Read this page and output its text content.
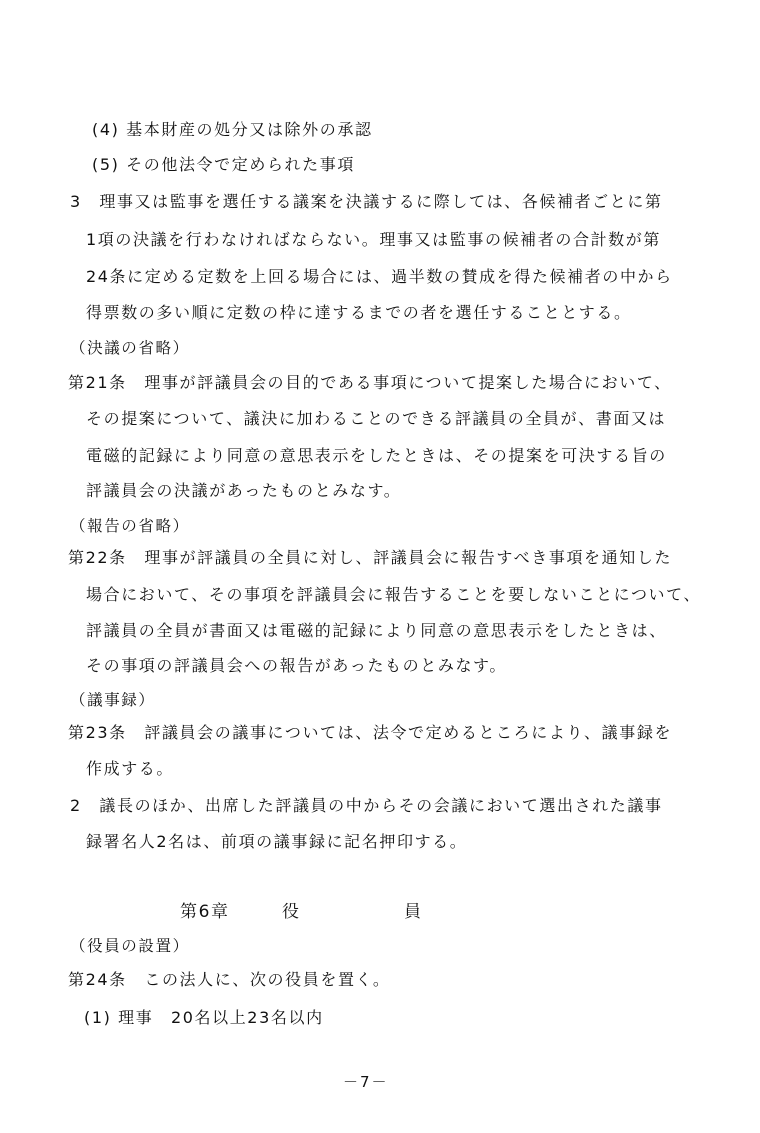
(4) 基本財産の処分又は除外の承認
(5) その他法令で定められた事項
3　理事又は監事を選任する議案を決議するに際しては、各候補者ごとに第
1項の決議を行わなければならない。理事又は監事の候補者の合計数が第
24条に定める定数を上回る場合には、過半数の賛成を得た候補者の中から
得票数の多い順に定数の枠に達するまでの者を選任することとする。
（決議の省略）
第21条　理事が評議員会の目的である事項について提案した場合において、
その提案について、議決に加わることのできる評議員の全員が、書面又は
電磁的記録により同意の意思表示をしたときは、その提案を可決する旨の
評議員会の決議があったものとみなす。
（報告の省略）
第22条　理事が評議員の全員に対し、評議員会に報告すべき事項を通知した
場合において、その事項を評議員会に報告することを要しないことについて、
評議員の全員が書面又は電磁的記録により同意の意思表示をしたときは、
その事項の評議員会への報告があったものとみなす。
（議事録）
第23条　評議員会の議事については、法令で定めるところにより、議事録を
作成する。
2　議長のほか、出席した評議員の中からその会議において選出された議事
録署名人2名は、前項の議事録に記名押印する。
第6章	役	員
（役員の設置）
第24条　この法人に、次の役員を置く。
(1) 理事　20名以上23名以内
－7－
